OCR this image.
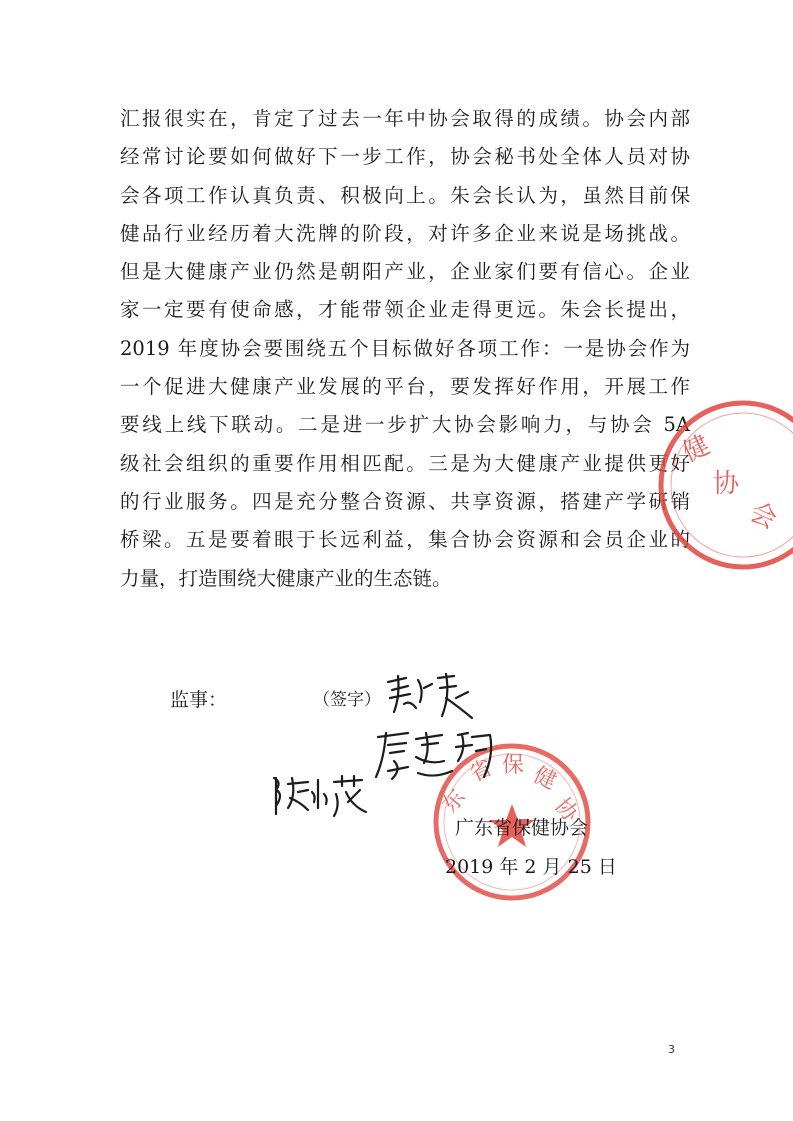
汇报很实在，肯定了过去一年中协会取得的成绩。协会内部
经常讨论要如何做好下一步工作，协会秘书处全体人员对协
会各项工作认真负责、积极向上。朱会长认为，虽然目前保
健品行业经历着大洗牌的阶段，对许多企业来说是场挑战。
但是大健康产业仍然是朝阳产业，企业家们要有信心。企业
家一定要有使命感，才能带领企业走得更远。朱会长提出，
2019 年度协会要围绕五个目标做好各项工作：一是协会作为
一个促进大健康产业发展的平台，要发挥好作用，开展工作
要线上线下联动。二是进一步扩大协会影响力，与协会 5A
级社会组织的重要作用相匹配。三是为大健康产业提供更好
的行业服务。四是充分整合资源、共享资源，搭建产学研销
桥梁。五是要着眼于长远利益，集合协会资源和会员企业的
力量，打造围绕大健康产业的生态链。
健
协
会
监事：	（签字）
东
省 保 健
协
广东省保健协会
2019 年 2 月 25 日
3
